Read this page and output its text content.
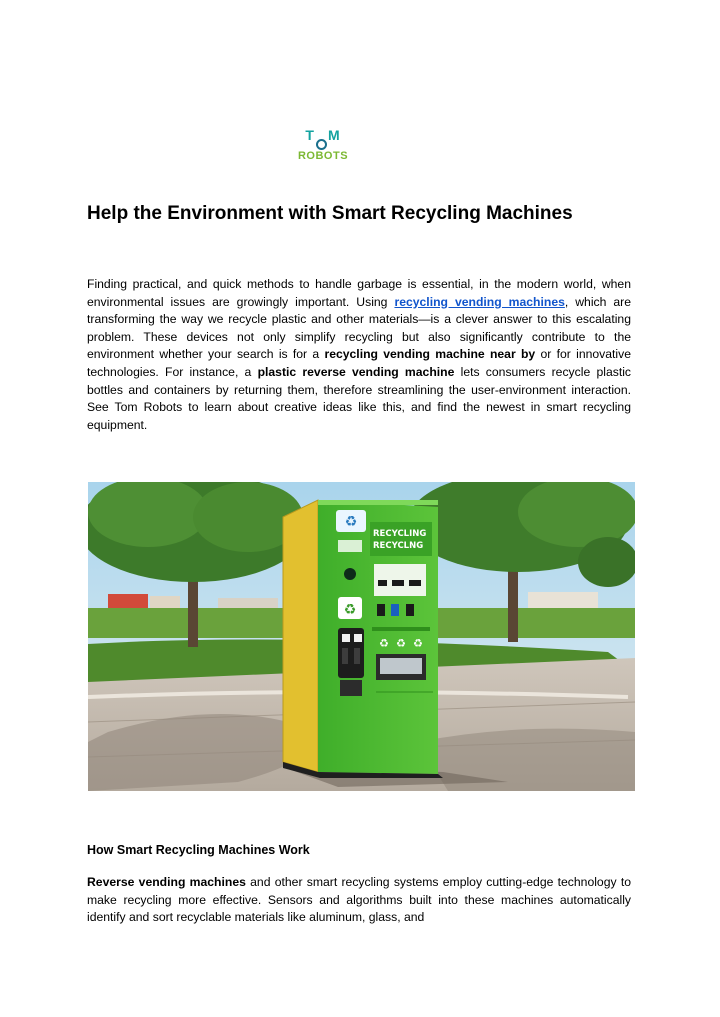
T M
ROBOTS
Help the Environment with Smart Recycling Machines

Finding practical, and quick methods to handle garbage is essential, in the modern world, when environmental issues are growingly important. Using recycling vending machines, which are transforming the way we recycle plastic and other materials—is a clever answer to this escalating problem. These devices not only simplify recycling but also significantly contribute to the environment whether your search is for a recycling vending machine near by or for innovative technologies. For instance, a plastic reverse vending machine lets consumers recycle plastic bottles and containers by returning them, therefore streamlining the user-environment interaction. See Tom Robots to learn about creative ideas like this, and find the newest in smart recycling equipment.

♻
♻
RECYCLING
RECYCLNG
♻ ♻ ♻
How Smart Recycling Machines Work

Reverse vending machines and other smart recycling systems employ cutting-edge technology to make recycling more effective. Sensors and algorithms built into these machines automatically identify and sort recyclable materials like aluminum, glass, and
